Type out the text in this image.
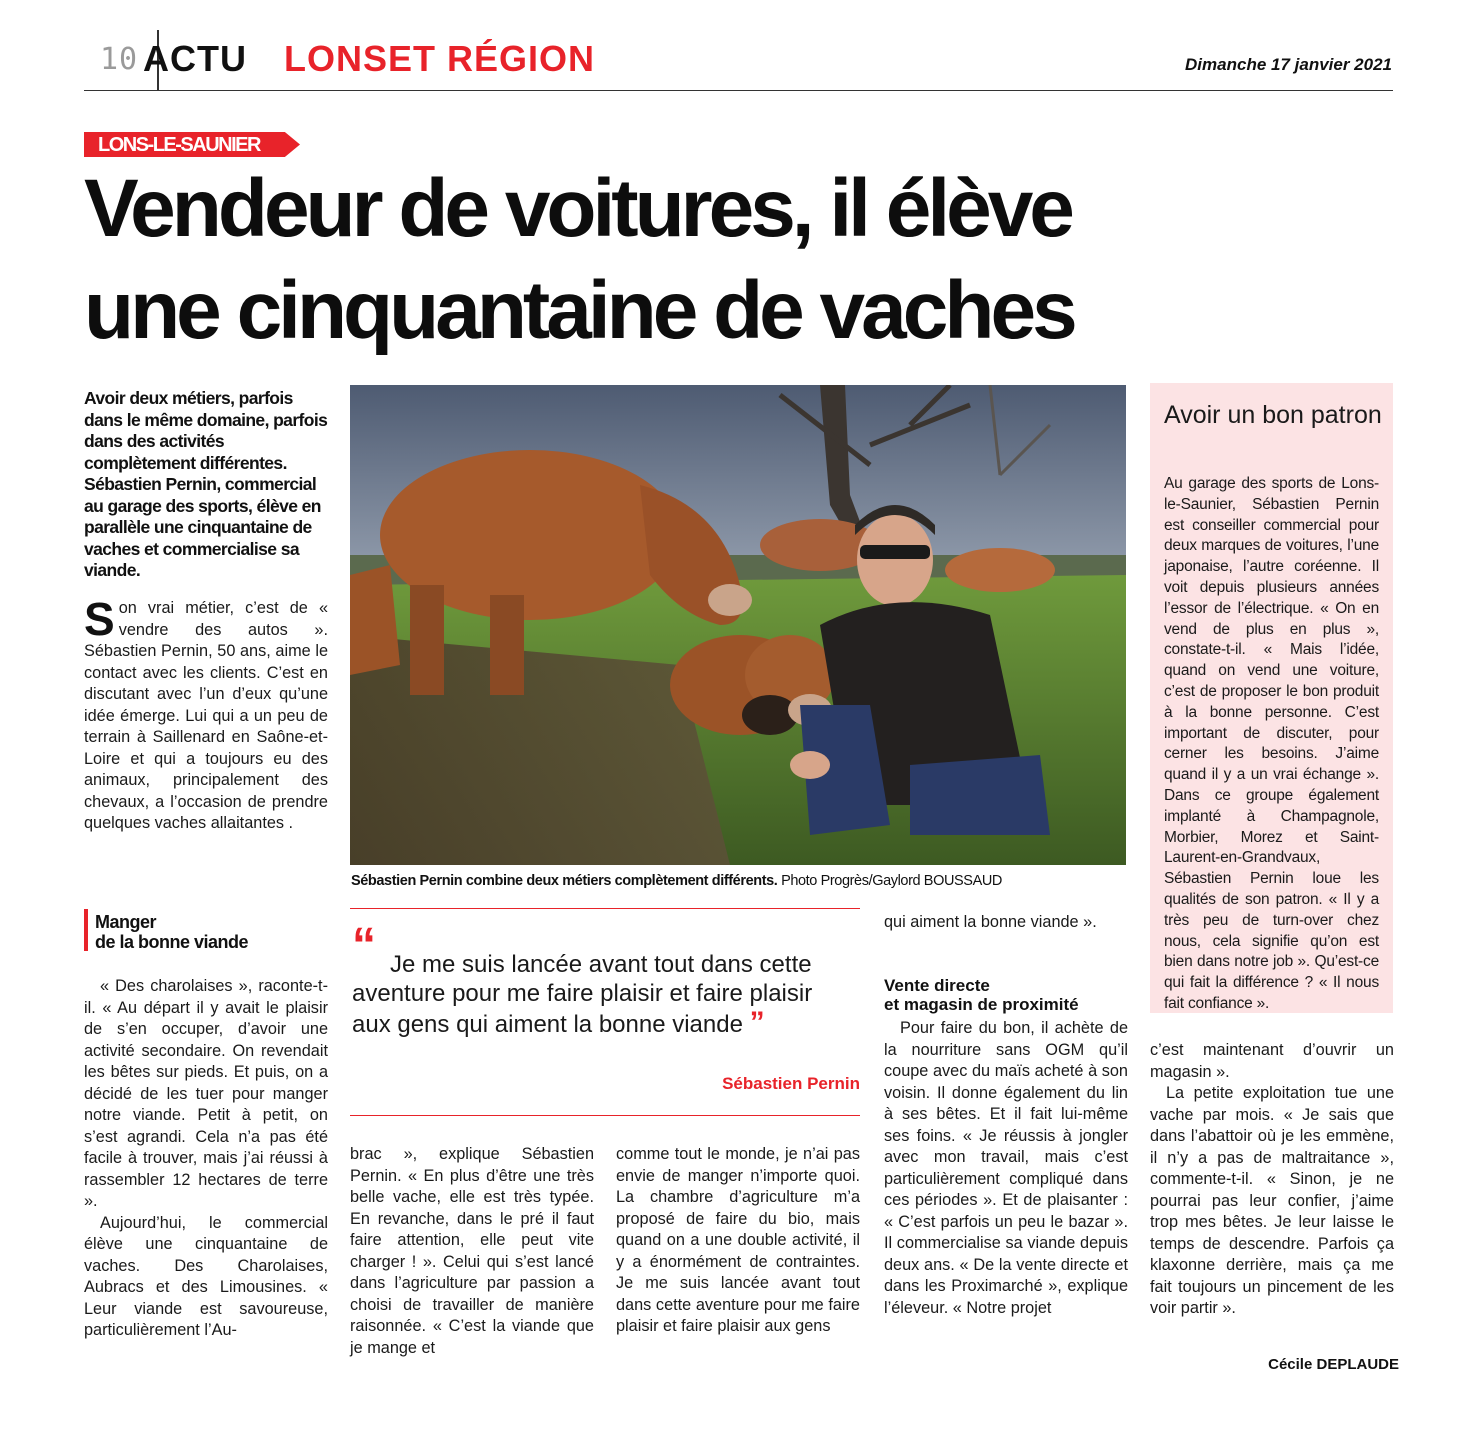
10 ACTU LONSET RÉGION	Dimanche 17 janvier 2021
LONS-LE-SAUNIER
Vendeur de voitures, il élève
une cinquantaine de vaches
Avoir deux métiers, parfois dans le même domaine, parfois dans des activités complètement différentes. Sébastien Pernin, commercial au garage des sports, élève en parallèle une cinquantaine de vaches et commercialise sa viande.

Son vrai métier, c’est de « vendre des autos ». Sébastien Pernin, 50 ans, aime le contact avec les clients. C’est en discutant avec l’un d’eux qu’une idée émerge. Lui qui a un peu de terrain à Saillenard en Saône-et-Loire et qui a toujours eu des animaux, principalement des chevaux, a l’occasion de prendre quelques vaches allaitantes .

Manger
de la bonne viande

« Des charolaises », raconte-t-il. « Au départ il y avait le plaisir de s’en occuper, d’avoir une activité secondaire. On revendait les bêtes sur pieds. Et puis, on a décidé de les tuer pour manger notre viande. Petit à petit, on s’est agrandi. Cela n’a pas été facile à trouver, mais j’ai réussi à rassembler 12 hectares de terre ».

Aujourd’hui, le commercial élève une cinquantaine de vaches. Des Charolaises, Aubracs et des Limousines. « Leur viande est savoureuse, particulièrement l’Au-

Sébastien Pernin combine deux métiers complètement différents. Photo Progrès/Gaylord BOUSSAUD
“ Je me suis lancée avant tout dans cette aventure pour me faire plaisir et faire plaisir aux gens qui aiment la bonne viande ”
Sébastien Pernin

brac », explique Sébastien Pernin. « En plus d’être une très belle vache, elle est très typée. En revanche, dans le pré il faut faire attention, elle peut vite charger ! ». Celui qui s’est lancé dans l’agriculture par passion a choisi de travailler de manière raisonnée. « C’est la viande que je mange et

comme tout le monde, je n’ai pas envie de manger n’importe quoi. La chambre d’agriculture m’a proposé de faire du bio, mais quand on a une double activité, il y a énormément de contraintes. Je me suis lancée avant tout dans cette aventure pour me faire plaisir et faire plaisir aux gens

qui aiment la bonne viande ».

Vente directe
et magasin de proximité

Pour faire du bon, il achète de la nourriture sans OGM qu’il coupe avec du maïs acheté à son voisin. Il donne également du lin à ses bêtes. Et il fait lui-même ses foins. « Je réussis à jongler avec mon travail, mais c’est particulièrement compliqué dans ces périodes ». Et de plaisanter : « C’est parfois un peu le bazar ». Il commercialise sa viande depuis deux ans. « De la vente directe et dans les Proximarché », explique l’éleveur. « Notre projet

Avoir un bon patron
Au garage des sports de Lons-le-Saunier, Sébastien Pernin est conseiller commercial pour deux marques de voitures, l’une japonaise, l’autre coréenne. Il voit depuis plusieurs années l’essor de l’électrique. « On en vend de plus en plus », constate-t-il. « Mais l’idée, quand on vend une voiture, c’est de proposer le bon produit à la bonne personne. C’est important de discuter, pour cerner les besoins. J’aime quand il y a un vrai échange ». Dans ce groupe également implanté à Champagnole, Morbier, Morez et Saint-Laurent-en-Grandvaux, Sébastien Pernin loue les qualités de son patron. « Il y a très peu de turn-over chez nous, cela signifie qu’on est bien dans notre job ». Qu’est-ce qui fait la différence ? « Il nous fait confiance ».

c’est maintenant d’ouvrir un magasin ».

La petite exploitation tue une vache par mois. « Je sais que dans l’abattoir où je les emmène, il n’y a pas de maltraitance », commente-t-il. « Sinon, je ne pourrai pas leur confier, j’aime trop mes bêtes. Je leur laisse le temps de descendre. Parfois ça klaxonne derrière, mais ça me fait toujours un pincement de les voir partir ».

Cécile DEPLAUDE
